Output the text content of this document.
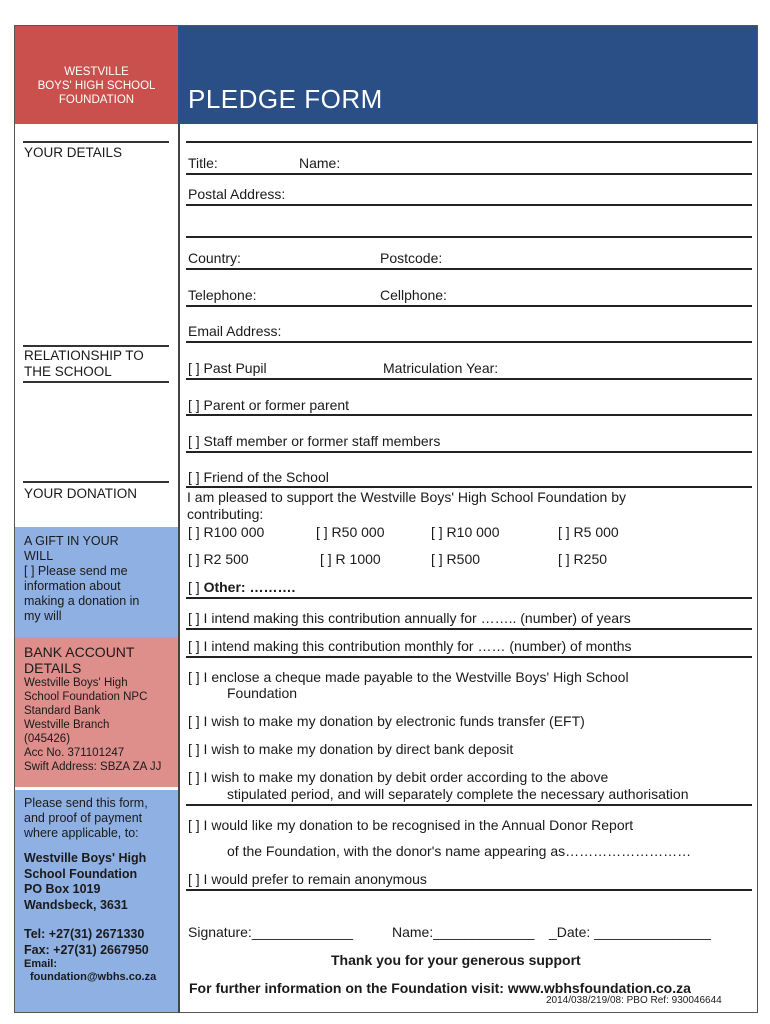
WESTVILLE
BOYS' HIGH SCHOOL
FOUNDATION	PLEDGE FORM
YOUR DETAILS
RELATIONSHIP TO
THE SCHOOL
YOUR DONATION
A GIFT IN YOUR
WILL
[ ] Please send me
information about
making a donation in
my will
BANK ACCOUNT
DETAILS
Westville Boys' High
School Foundation NPC
Standard Bank
Westville Branch
(045426)
Acc No. 371101247
Swift Address: SBZA ZA JJ
Please send this form,
and proof of payment
where applicable, to:
Westville Boys' High
School Foundation
PO Box 1019
Wandsbeck, 3631
Tel: +27(31) 2671330
Fax: +27(31) 2667950
Email:
foundation@wbhs.co.za
Title:	Name:
Postal Address:
Country:	Postcode:
Telephone:	Cellphone:
Email Address:
[ ] Past Pupil	Matriculation Year:
[ ] Parent or former parent
[ ] Staff member or former staff members
[ ] Friend of the School
I am pleased to support the Westville Boys' High School Foundation by
contributing:
[ ] R100 000	[ ] R50 000	[ ] R10 000	[ ] R5 000
[ ] R2 500	[ ] R 1000	[ ] R500	[ ] R250
[ ] Other: ……….
[ ] I intend making this contribution annually for …….. (number) of years
[ ] I intend making this contribution monthly for …… (number) of months
[ ] I enclose a cheque made payable to the Westville Boys' High School
Foundation
[ ] I wish to make my donation by electronic funds transfer (EFT)
[ ] I wish to make my donation by direct bank deposit
[ ] I wish to make my donation by debit order according to the above
stipulated period, and will separately complete the necessary authorisation
[ ] I would like my donation to be recognised in the Annual Donor Report
of the Foundation, with the donor's name appearing as………………………
[ ] I would prefer to remain anonymous
Signature:_____________	Name:_____________ _Date: _______________
Thank you for your generous support
For further information on the Foundation visit: www.wbhsfoundation.co.za
2014/038/219/08: PBO Ref: 930046644
